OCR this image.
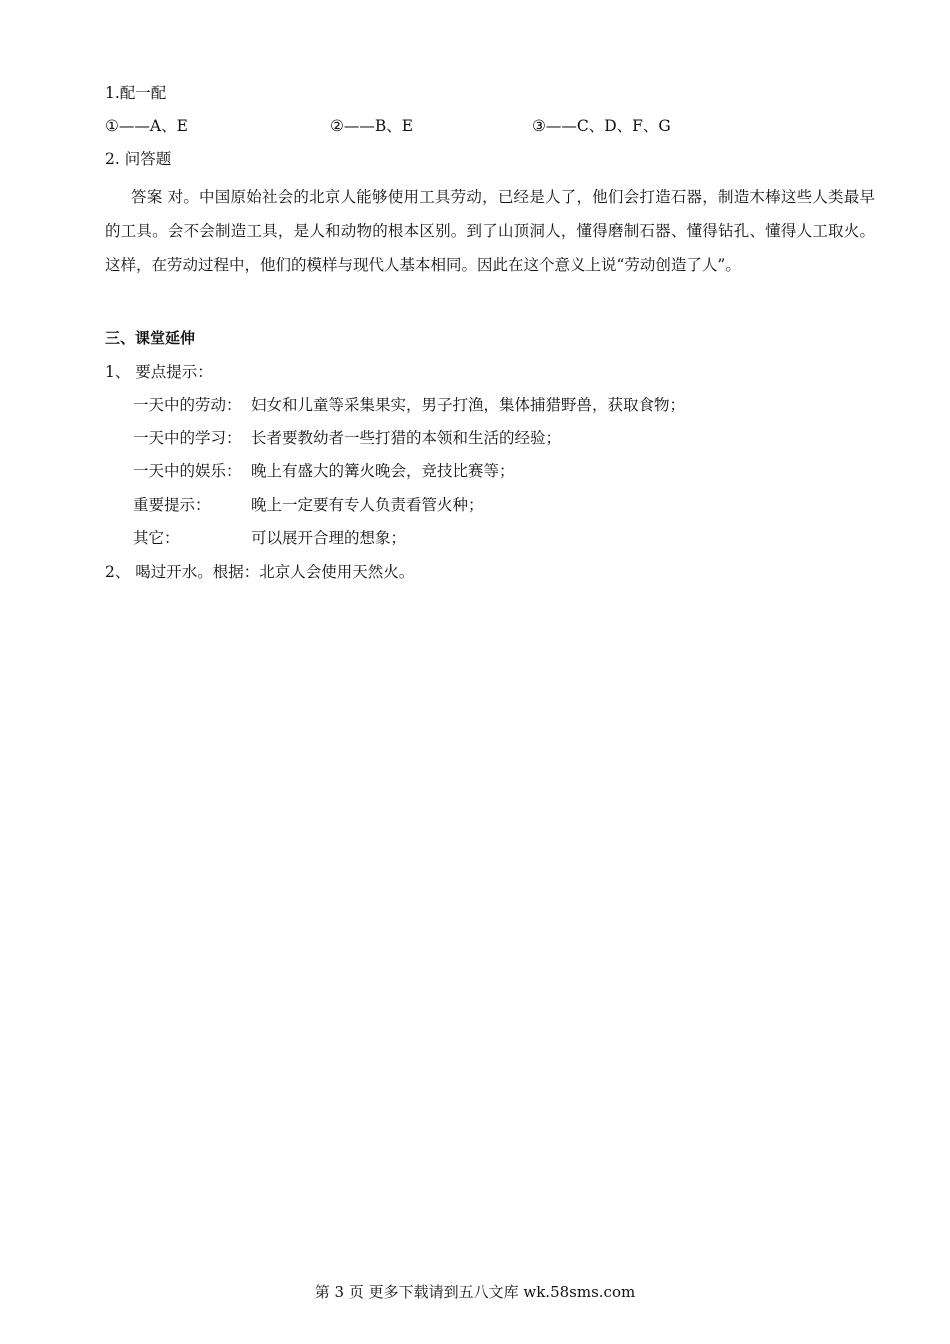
1.配一配
①——A、E	②——B、E	③——C、D、F、G
2. 问答题
答案 对。中国原始社会的北京人能够使用工具劳动，已经是人了，他们会打造石器，制造木棒这些人类最早的工具。会不会制造工具，是人和动物的根本区别。到了山顶洞人，懂得磨制石器、懂得钻孔、懂得人工取火。这样，在劳动过程中，他们的模样与现代人基本相同。因此在这个意义上说“劳动创造了人”。
三、课堂延伸
1、 要点提示：
一天中的劳动： 妇女和儿童等采集果实，男子打渔，集体捕猎野兽，获取食物；
一天中的学习： 长者要教幼者一些打猎的本领和生活的经验；
一天中的娱乐： 晚上有盛大的篝火晚会，竞技比赛等；
重要提示：	晚上一定要有专人负责看管火种；
其它：	可以展开合理的想象；
2、 喝过开水。根据：北京人会使用天然火。
第 3 页 更多下载请到五八文库 wk.58sms.com
